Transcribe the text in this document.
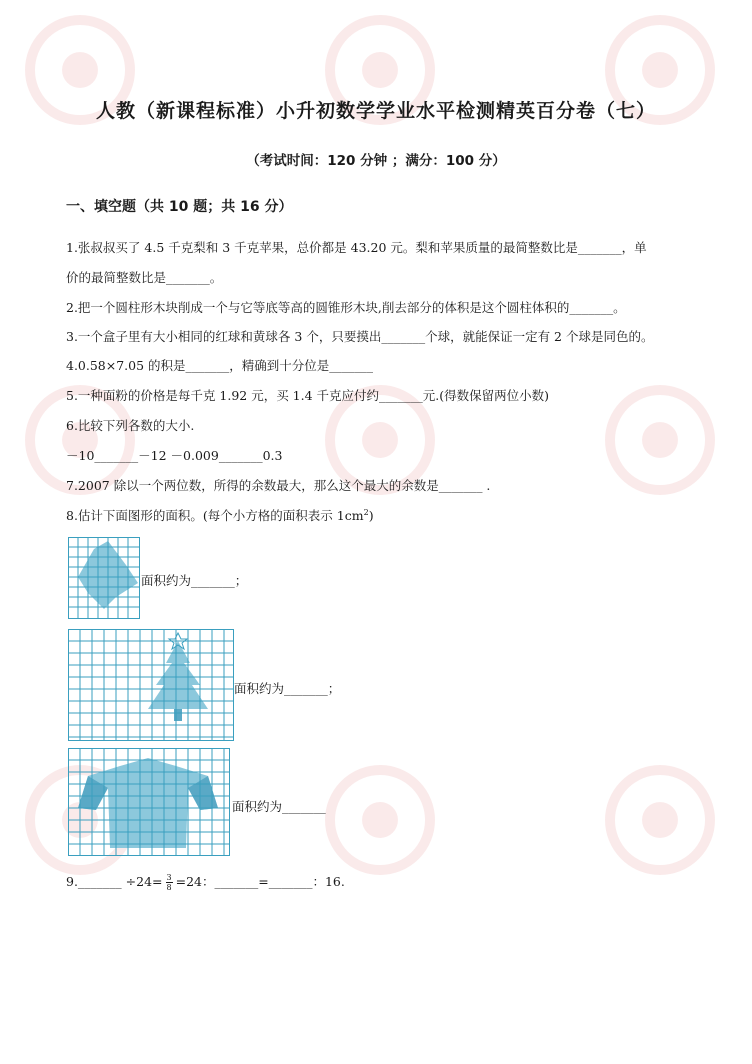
人教（新课程标准）小升初数学学业水平检测精英百分卷（七）
（考试时间：120 分钟 ；满分：100 分）
一、填空题（共 10 题；共 16 分）
1.张叔叔买了 4.5 千克梨和 3 千克苹果，总价都是 43.20 元。梨和苹果质量的最简整数比是_______，单
价的最简整数比是_______。
2.把一个圆柱形木块削成一个与它等底等高的圆锥形木块,削去部分的体积是这个圆柱体积的_______。
3.一个盒子里有大小相同的红球和黄球各 3 个，只要摸出_______个球，就能保证一定有 2 个球是同色的。
4.0.58×7.05 的积是_______，精确到十分位是_______
5.一种面粉的价格是每千克 1.92 元，买 1.4 千克应付约_______元.(得数保留两位小数)
6.比较下列各数的大小.
－10_______－12 －0.009_______0.3
7.2007 除以一个两位数，所得的余数最大，那么这个最大的余数是_______ .
8.估计下面图形的面积。(每个小方格的面积表示 $1cm^2$)
面积约为_______；
面积约为_______；
面积约为_______
9._______ $\div 24= \frac{3}{8} =24$：_______=_______：16.
